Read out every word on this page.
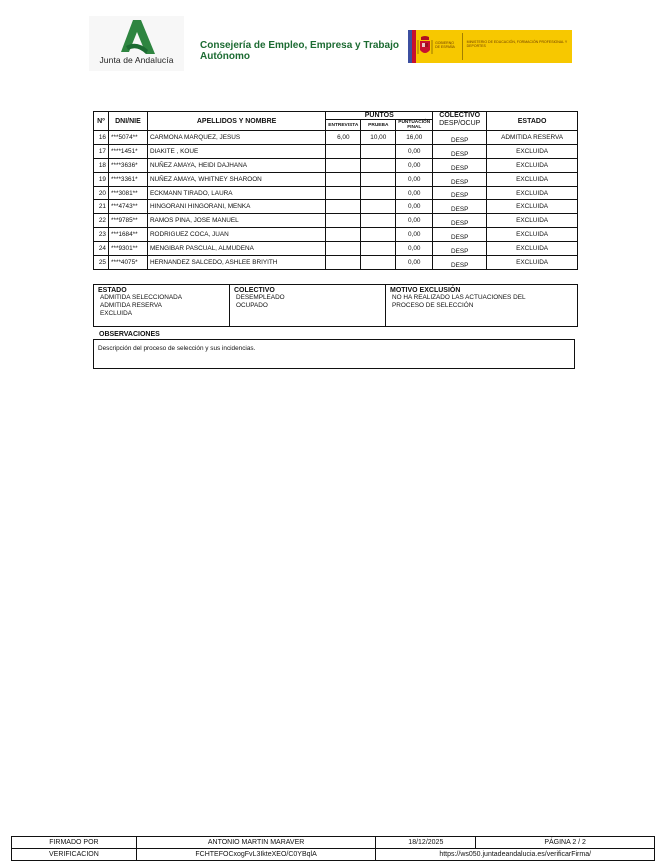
Junta de Andalucía
Consejería de Empleo, Empresa y Trabajo
Autónomo
GOBIERNO DE ESPAÑA
MINISTERIO DE EDUCACIÓN, FORMACIÓN PROFESIONAL Y DEPORTES
Nº	DNI/NIE	APELLIDOS Y NOMBRE	PUNTOS			COLECTIVO	ESTADO
			ENTREVISTA	PRUEBA	PUNTUACIÓN FINAL	DESP/OCUP	
16	***5074**	CARMONA MARQUEZ, JESUS	6,00	10,00	16,00	DESP	ADMITIDA RESERVA
17	****1451*	DIAKITE , KOUE			0,00	DESP	EXCLUIDA
18	****3636*	NUÑEZ AMAYA, HEIDI DAJHANA			0,00	DESP	EXCLUIDA
19	****3361*	NUÑEZ AMAYA, WHITNEY SHAROON			0,00	DESP	EXCLUIDA
20	***3081**	ECKMANN TIRADO, LAURA			0,00	DESP	EXCLUIDA
21	***4743**	HINGORANI HINGORANI, MENKA			0,00	DESP	EXCLUIDA
22	***9785**	RAMOS PINA, JOSE MANUEL			0,00	DESP	EXCLUIDA
23	***1684**	RODRIGUEZ COCA, JUAN			0,00	DESP	EXCLUIDA
24	***9301**	MENGIBAR PASCUAL, ALMUDENA			0,00	DESP	EXCLUIDA
25	****4075*	HERNANDEZ SALCEDO, ASHLEE BRIYITH			0,00	DESP	EXCLUIDA
ESTADO
ADMITIDA SELECCIONADA
ADMITIDA RESERVA
EXCLUIDA
COLECTIVO
DESEMPLEADO
OCUPADO
MOTIVO EXCLUSIÓN
NO HA REALIZADO LAS ACTUACIONES DEL
PROCESO DE SELECCIÓN
OBSERVACIONES
Descripción del proceso de selección y sus incidencias.
FIRMADO POR	ANTONIO MARTIN MARAVER	18/12/2025	PÁGINA 2 / 2
VERIFICACION	FCHTEFOCxogFvL3IkteXEO/C0YBqlA	https://ws050.juntadeandalucia.es/verificarFirma/	
